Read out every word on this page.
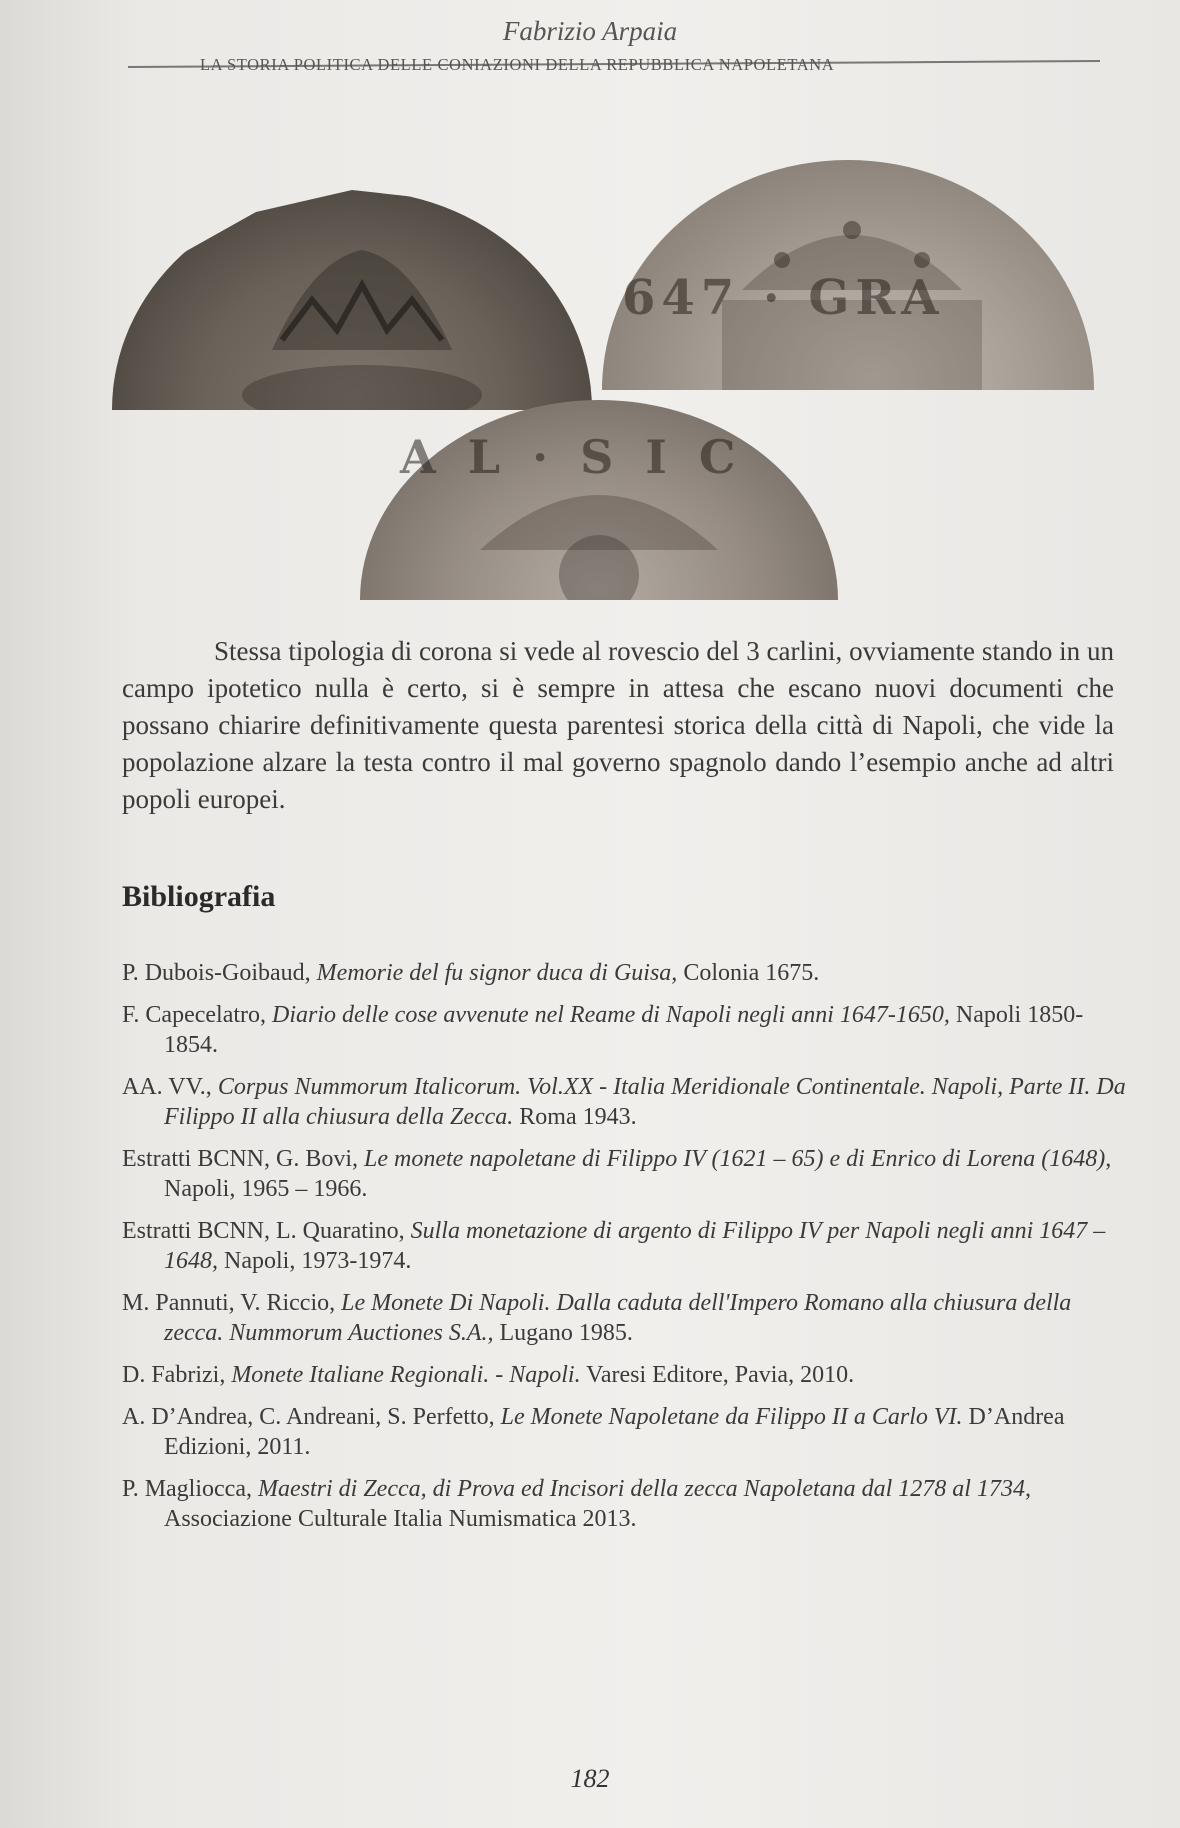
Fabrizio Arpaia
LA STORIA POLITICA DELLE CONIAZIONI DELLA REPUBBLICA NAPOLETANA
647 · GRA
A L · S I C

Stessa tipologia di corona si vede al rovescio del 3 carlini, ovviamente stando in un campo ipotetico nulla è certo, si è sempre in attesa che escano nuovi documenti che possano chiarire definitivamente questa parentesi storica della città di Napoli, che vide la popolazione alzare la testa contro il mal governo spagnolo dando l’esempio anche ad altri popoli europei.

Bibliografia

P. Dubois-Goibaud, Memorie del fu signor duca di Guisa, Colonia 1675.

F. Capecelatro, Diario delle cose avvenute nel Reame di Napoli negli anni 1647-1650, Napoli 1850-1854.

AA. VV., Corpus Nummorum Italicorum. Vol.XX - Italia Meridionale Continentale. Napoli, Parte II. Da Filippo II alla chiusura della Zecca. Roma 1943.

Estratti BCNN, G. Bovi, Le monete napoletane di Filippo IV (1621 – 65) e di Enrico di Lorena (1648), Napoli, 1965 – 1966.

Estratti BCNN, L. Quaratino, Sulla monetazione di argento di Filippo IV per Napoli negli anni 1647 – 1648, Napoli, 1973-1974.

M. Pannuti, V. Riccio, Le Monete Di Napoli. Dalla caduta dell'Impero Romano alla chiusura della zecca. Nummorum Auctiones S.A., Lugano 1985.

D. Fabrizi, Monete Italiane Regionali. - Napoli. Varesi Editore, Pavia, 2010.

A. D’Andrea, C. Andreani, S. Perfetto, Le Monete Napoletane da Filippo II a Carlo VI. D’Andrea Edizioni, 2011.

P. Magliocca, Maestri di Zecca, di Prova ed Incisori della zecca Napoletana dal 1278 al 1734, Associazione Culturale Italia Numismatica 2013.

182
